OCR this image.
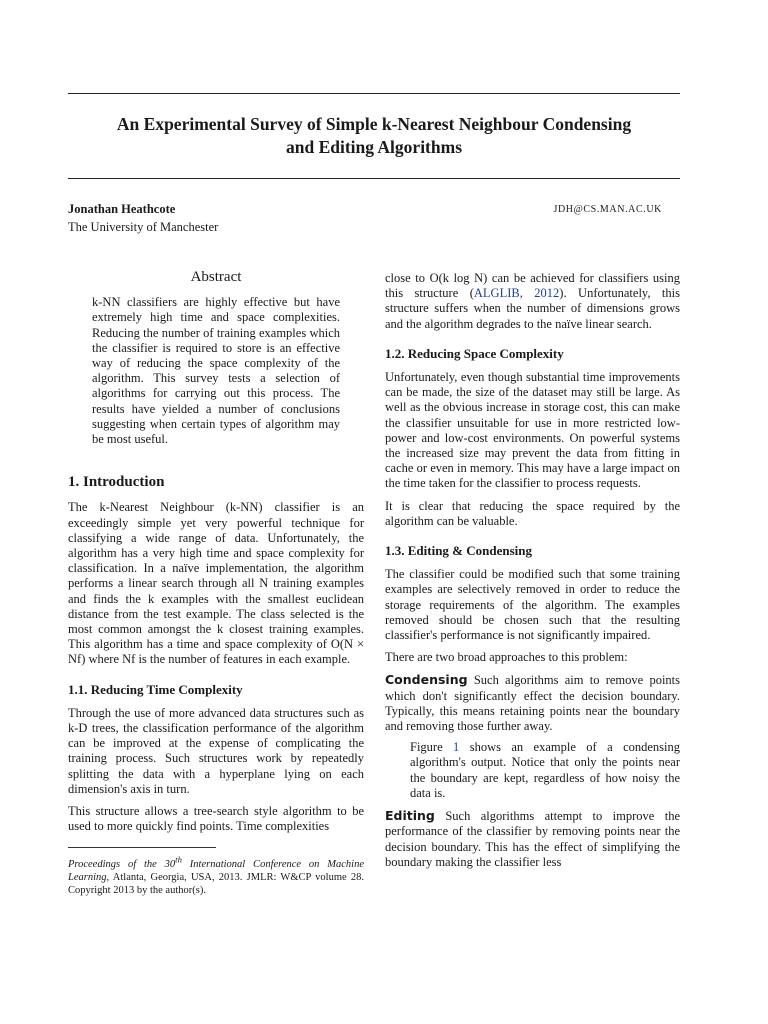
An Experimental Survey of Simple k-Nearest Neighbour Condensing
and Editing Algorithms
Jonathan Heathcote
The University of Manchester
JDH@CS.MAN.AC.UK
Abstract
k-NN classifiers are highly effective but have extremely high time and space complexities. Reducing the number of training examples which the classifier is required to store is an effective way of reducing the space complexity of the algorithm. This survey tests a selection of algorithms for carrying out this process. The results have yielded a number of conclusions suggesting when certain types of algorithm may be most useful.
1. Introduction

The k-Nearest Neighbour (k-NN) classifier is an exceedingly simple yet very powerful technique for classifying a wide range of data. Unfortunately, the algorithm has a very high time and space complexity for classification. In a naïve implementation, the algorithm performs a linear search through all N training examples and finds the k examples with the smallest euclidean distance from the test example. The class selected is the most common amongst the k closest training examples. This algorithm has a time and space complexity of O(N × Nf) where Nf is the number of features in each example.

1.1. Reducing Time Complexity

Through the use of more advanced data structures such as k-D trees, the classification performance of the algorithm can be improved at the expense of complicating the training process. Such structures work by repeatedly splitting the data with a hyperplane lying on each dimension's axis in turn.

This structure allows a tree-search style algorithm to be used to more quickly find points. Time complexities

Proceedings of the 30th International Conference on Machine Learning, Atlanta, Georgia, USA, 2013. JMLR: W&CP volume 28. Copyright 2013 by the author(s).

close to O(k log N) can be achieved for classifiers using this structure (ALGLIB, 2012). Unfortunately, this structure suffers when the number of dimensions grows and the algorithm degrades to the naïve linear search.

1.2. Reducing Space Complexity

Unfortunately, even though substantial time improvements can be made, the size of the dataset may still be large. As well as the obvious increase in storage cost, this can make the classifier unsuitable for use in more restricted low-power and low-cost environments. On powerful systems the increased size may prevent the data from fitting in cache or even in memory. This may have a large impact on the time taken for the classifier to process requests.

It is clear that reducing the space required by the algorithm can be valuable.

1.3. Editing & Condensing

The classifier could be modified such that some training examples are selectively removed in order to reduce the storage requirements of the algorithm. The examples removed should be chosen such that the resulting classifier's performance is not significantly impaired.

There are two broad approaches to this problem:

Condensing Such algorithms aim to remove points which don't significantly effect the decision boundary. Typically, this means retaining points near the boundary and removing those further away.

Figure 1 shows an example of a condensing algorithm's output. Notice that only the points near the boundary are kept, regardless of how noisy the data is.

Editing Such algorithms attempt to improve the performance of the classifier by removing points near the decision boundary. This has the effect of simplifying the boundary making the classifier less
